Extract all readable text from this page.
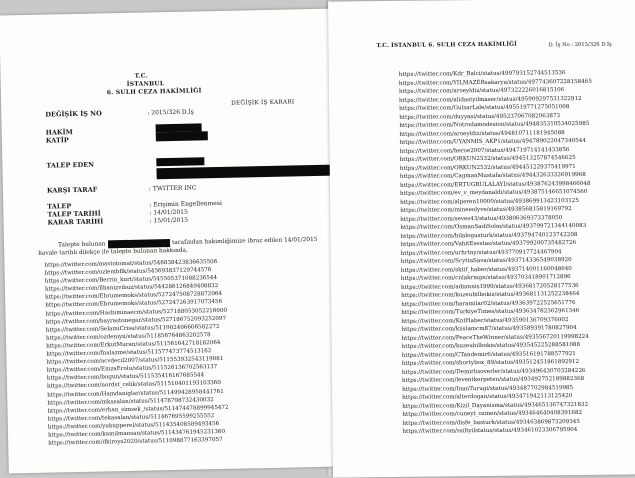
T.C.
İSTANBUL
6. SULH CEZA HAKİMLİĞİ
DEĞİŞİK İŞ KARARI
DEĞİŞİK İŞ NO	: 2015/326 D.İş
HAKİM
KATİP
TALEP EDEN
KARŞI TARAF	: TWITTER INC
TALEP	: Erişimin Engellenmesi
TALEP TARİHİ	: 14/01/2015
KARAR TARİHİ	: 15/01/2015
Talepte bulunan	tarafından hakimliğimize ibraz edilen 14/01/2015
havale tarihli dilekçe ile talepte bulunan hakkında,
https://twitter.com/maviotomat/status/546838423836635506
https://twitter.com/ozlembflk/status/545693837129744576
https://twitter.com/Berrin_kurt/status/545505371088236544
https://twitter.com/llhanizvibuz/status/544286126849408832
https://twitter.com/Ebrumemoks/status/527247508728872064
https://twitter.com/Ebrumemoks/status/527247263917073456
https://twitter.com/Hasbiminaecm/status/527188053052216000
https://twitter.com/bayrastonegar/status/527186752093252097
https://twitter.com/SelamiCrisa/status/511902406606582272
https://twitter.com/ozdeniyii/status/511856764863202578
https://twitter.com/ErkutMuran/status/511561642718182064
https://twitter.com/fnalazme/status/511577473774513162
https://twitter.com/acvdecil2007/status/511553932543119081
https://twitter.com/EmzaErolu/status/511526136702563137
https://twitter.com/bugun/status/511535416167685544
https://twitter.com/nordst_celik/status/511510401193103360
https://twitter.com/Hamdaniglar/status/511499428958441761
https://twitter.com/mkasalan/status/511478798732430032
https://twitter.com/erhan_simsek_/status/511474478899945472
https://twitter.com/tekasalan/status/511467695599255552
https://twitter.com/yukupperel/status/511435408589493456
https://twitter.com/kamilmansan/status/511434761945231360
https://twitter.com/dkiroys2020/status/511098877163397057
T.C. İSTANBUL 6. SULH CEZA HAKİMLİĞİ	D. İş No : 2015/326 D.İş
https://twitter.com/Kdr_Balci/status/499793152744513536
https://twitter.com/YILMAZERsakarya/status/497743607228158465
https://twitter.com/aroeyldiz/status/497322226016815106
https://twitter.com/alidastyilmaser/status/495909297531322912
https://twitter.com/GulsarLale/status/495519771275051008
https://twitter.com/duyyasi/status/495237067082063873
https://twitter.com/Notrodamodesion/status/494835310534025985
https://twitter.com/aroeyldiz/status/494810711181945088
https://twitter.com/UYANMIS_AKP1/status/494789022047340544
https://twitter.com/heroe2007/status/494719714141433856
https://twitter.com/ORKUN2532/status/494513257874546625
https://twitter.com/ORKUN2532/status/494451229375419971
https://twitter.com/CagmanMustafa/status/494432633326919968
https://twitter.com/ERTUGRULALAYI/status/493876243998466048
https://twitter.com/ev_v_meydanaldi/status/493875146651074560
https://twitter.com/alperen10000/status/493869913423103125
https://twitter.com/mineeolyve/status/493856815819169792
https://twitter.com/seves43/status/493806369373378050
https://twitter.com/OsmanSadiSolm/status/493799721344140083
https://twitter.com/bilalogusturk/status/493794740123742208
https://twitter.com/VahitEsestas/status/493799200735482726
https://twitter.com/urhrtny/status/493770917724467904
https://twitter.com/ScyttaSava/status/493714336549038920
https://twitter.com/sktif_haber/status/493714001160048640
https://twitter.com/cnlakrmgn/status/493703418901712896
https://twitter.com/adnmnis1999/status/493681720528177536
https://twitter.com/kuzeubilbokis/status/493681131252238464
https://twitter.com/haramilar02/status/493639722525651776
https://twitter.com/TurkiyeTimes/status/493634782362961346
https://twitter.com/KntHaber/status/493590136709376002
https://twitter.com/kiislamcm87/status/493589391780827904
https://twitter.com/PeaceTheWinner/status/493556720119998224
https://twitter.com/kuzeubilbokis/status/493545225288581088
https://twitter.com/CTandemir6/status/493516191788577921
https://twitter.com/shortybox_89/status/493512451861892912
https://twitter.com/Demirlisoverler/status/493496430703284226
https://twitter.com/leventkerpeten/status/493492752189882368
https://twitter.com/InanTurugi/status/493487702984519985
https://twitter.com/alterdogan/status/493471942113125420
https://twitter.com/Kizil_Dayanisma/status/493465136747321832
https://twitter.com/cuneyt_ozmen/status/493464640408391682
https://twitter.com/disfe_basturk/status/493463869873209345
https://twitter.com/ssiltyilstatus/status/493461023306795904
